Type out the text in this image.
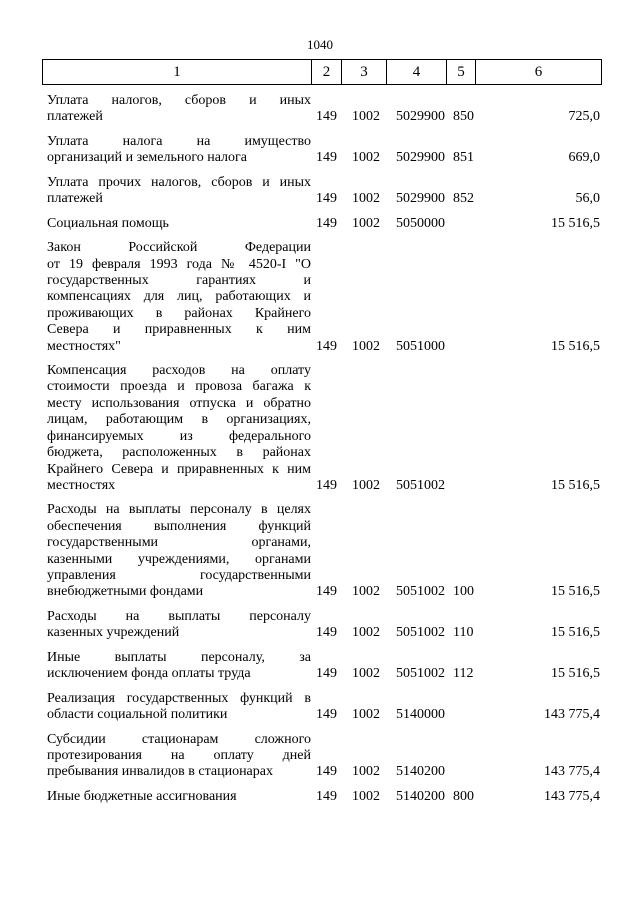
1040
1	2	3	4	5	6
Уплата налогов, сборов и иных
платежей	149 1002 5029900 850	725,0
Уплата налога на имущество
организаций и земельного налога	149 1002 5029900 851	669,0
Уплата прочих налогов, сборов и иных
платежей	149 1002 5029900 852	56,0
Социальная помощь	149 1002 5050000	15 516,5
Закон Российской Федерации
от 19 февраля 1993 года № 4520-I "О
государственных гарантиях и
компенсациях для лиц, работающих и
проживающих в районах Крайнего
Севера и приравненных к ним
местностях"	149 1002 5051000	15 516,5
Компенсация расходов на оплату
стоимости проезда и провоза багажа к
месту использования отпуска и обратно
лицам, работающим в организациях,
финансируемых из федерального
бюджета, расположенных в районах
Крайнего Севера и приравненных к ним
местностях	149 1002 5051002	15 516,5
Расходы на выплаты персоналу в целях
обеспечения выполнения функций
государственными органами,
казенными учреждениями, органами
управления государственными
внебюджетными фондами	149 1002 5051002 100	15 516,5
Расходы на выплаты персоналу
казенных учреждений	149 1002 5051002 110	15 516,5
Иные выплаты персоналу, за
исключением фонда оплаты труда	149 1002 5051002 112	15 516,5
Реализация государственных функций в
области социальной политики	149 1002 5140000	143 775,4
Субсидии стационарам сложного
протезирования на оплату дней
пребывания инвалидов в стационарах	149 1002 5140200	143 775,4
Иные бюджетные ассигнования	149 1002 5140200 800	143 775,4
